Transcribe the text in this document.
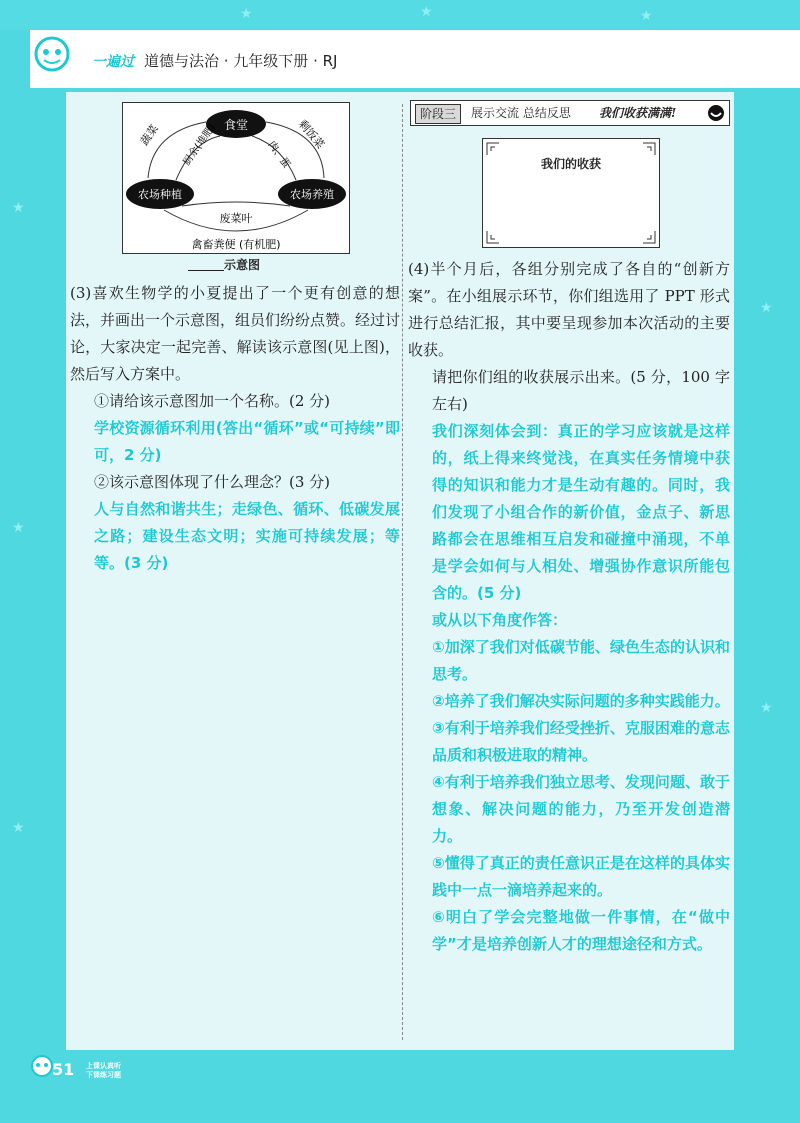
★	★	★
★
★
★
★
★
一遍过 道德与法治 · 九年级下册 · RJ
食堂
农场种植	农场养殖
蔬菜 厨余(堆肥)	剩饭菜
肉、蛋
废菜叶
禽畜粪便 (有机肥)
示意图
(3)喜欢生物学的小夏提出了一个更有创意的想法，并画出一个示意图，组员们纷纷点赞。经过讨论，大家决定一起完善、解读该示意图(见上图)，然后写入方案中。
①请给该示意图加一个名称。(2 分)
学校资源循环利用(答出“循环”或“可持续”即可，2 分)
②该示意图体现了什么理念？(3 分)
人与自然和谐共生；走绿色、循环、低碳发展之路；建设生态文明；实施可持续发展；等等。(3 分)
阶段三	展示交流 总结反思 我们收获满满!
我们的收获
(4)半个月后，各组分别完成了各自的“创新方案”。在小组展示环节，你们组选用了 PPT 形式进行总结汇报，其中要呈现参加本次活动的主要收获。
请把你们组的收获展示出来。(5 分，100 字左右)
我们深刻体会到：真正的学习应该就是这样的，纸上得来终觉浅，在真实任务情境中获得的知识和能力才是生动有趣的。同时，我们发现了小组合作的新价值，金点子、新思路都会在思维相互启发和碰撞中涌现，不单是学会如何与人相处、增强协作意识所能包含的。(5 分)
或从以下角度作答：
①加深了我们对低碳节能、绿色生态的认识和思考。
②培养了我们解决实际问题的多种实践能力。
③有利于培养我们经受挫折、克服困难的意志品质和积极进取的精神。
④有利于培养我们独立思考、发现问题、敢于想象、解决问题的能力，乃至开发创造潜力。
⑤懂得了真正的责任意识正是在这样的具体实践中一点一滴培养起来的。
⑥明白了学会完整地做一件事情，在“做中学”才是培养创新人才的理想途径和方式。
51 上课认真听
下课练习题
